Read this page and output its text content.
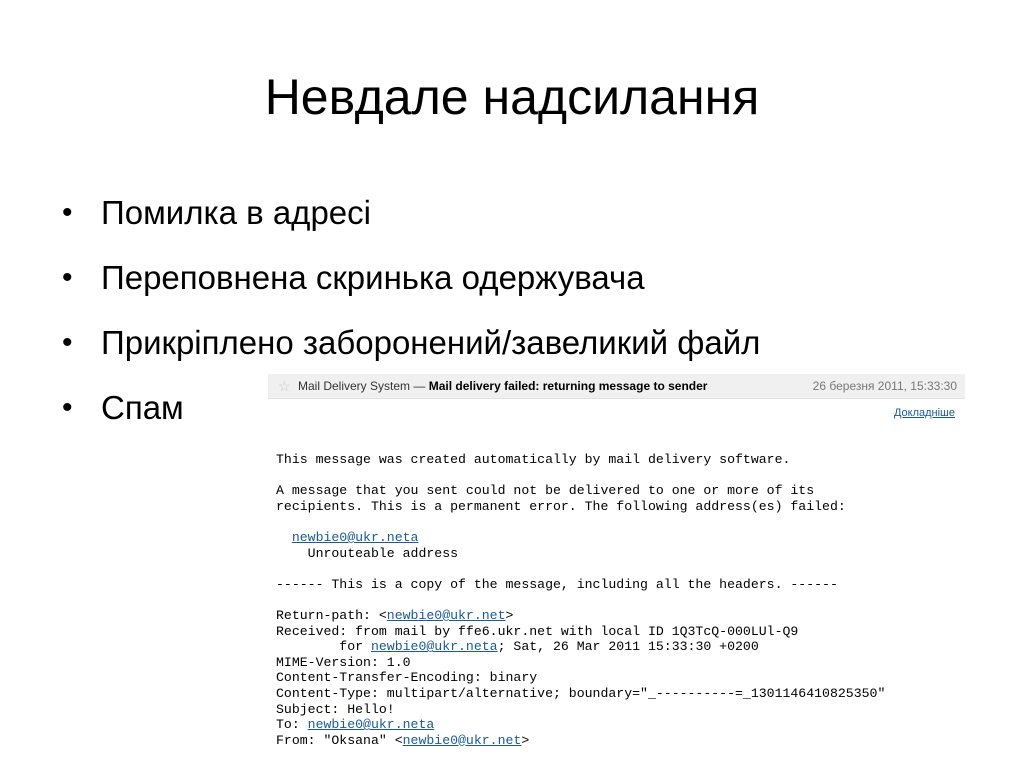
Невдале надсилання
• Помилка в адресі
• Переповнена скринька одержувача
• Прикріплено заборонений/завеликий файл
• Спам
☆ Mail Delivery System — Mail delivery failed: returning message to sender	26 березня 2011, 15:33:30
Докладніше
This message was created automatically by mail delivery software.
A message that you sent could not be delivered to one or more of its
recipients. This is a permanent error. The following address(es) failed:
newbie0@ukr.neta
Unrouteable address
------ This is a copy of the message, including all the headers. ------
Return-path: <newbie0@ukr.net>
Received: from mail by ffe6.ukr.net with local ID 1Q3TcQ-000LUl-Q9
for newbie0@ukr.neta; Sat, 26 Mar 2011 15:33:30 +0200
MIME-Version: 1.0
Content-Transfer-Encoding: binary
Content-Type: multipart/alternative; boundary="_----------=_1301146410825350"
Subject: Hello!
To: newbie0@ukr.neta
From: "Oksana" <newbie0@ukr.net>
